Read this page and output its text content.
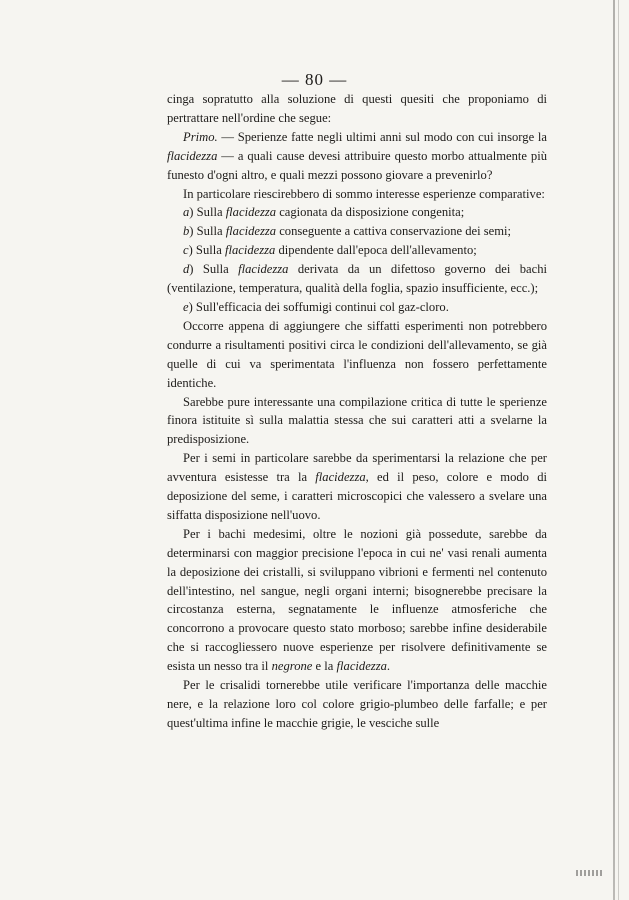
— 80 —

cinga sopratutto alla soluzione di questi quesiti che proponiamo di pertrattare nell'ordine che segue:

Primo. — Sperienze fatte negli ultimi anni sul modo con cui insorge la flacidezza — a quali cause devesi attribuire questo morbo attualmente più funesto d'ogni altro, e quali mezzi possono giovare a prevenirlo?

In particolare riescirebbero di sommo interesse esperienze comparative:

a) Sulla flacidezza cagionata da disposizione congenita;

b) Sulla flacidezza conseguente a cattiva conservazione dei semi;

c) Sulla flacidezza dipendente dall'epoca dell'allevamento;

d) Sulla flacidezza derivata da un difettoso governo dei bachi (ventilazione, temperatura, qualità della foglia, spazio insufficiente, ecc.);

e) Sull'efficacia dei soffumigi continui col gaz-cloro.

Occorre appena di aggiungere che siffatti esperimenti non potrebbero condurre a risultamenti positivi circa le condizioni dell'allevamento, se già quelle di cui va sperimentata l'influenza non fossero perfettamente identiche.

Sarebbe pure interessante una compilazione critica di tutte le sperienze finora istituite sì sulla malattia stessa che sui caratteri atti a svelarne la predisposizione.

Per i semi in particolare sarebbe da sperimentarsi la relazione che per avventura esistesse tra la flacidezza, ed il peso, colore e modo di deposizione del seme, i caratteri microscopici che valessero a svelare una siffatta disposizione nell'uovo.

Per i bachi medesimi, oltre le nozioni già possedute, sarebbe da determinarsi con maggior precisione l'epoca in cui ne' vasi renali aumenta la deposizione dei cristalli, si sviluppano vibrioni e fermenti nel contenuto dell'intestino, nel sangue, negli organi interni; bisognerebbe precisare la circostanza esterna, segnatamente le influenze atmosferiche che concorrono a provocare questo stato morboso; sarebbe infine desiderabile che si raccogliessero nuove esperienze per risolvere definitivamente se esista un nesso tra il negrone e la flacidezza.

Per le crisalidi tornerebbe utile verificare l'importanza delle macchie nere, e la relazione loro col colore grigio-plumbeo delle farfalle; e per quest'ultima infine le macchie grigie, le vesciche sulle
